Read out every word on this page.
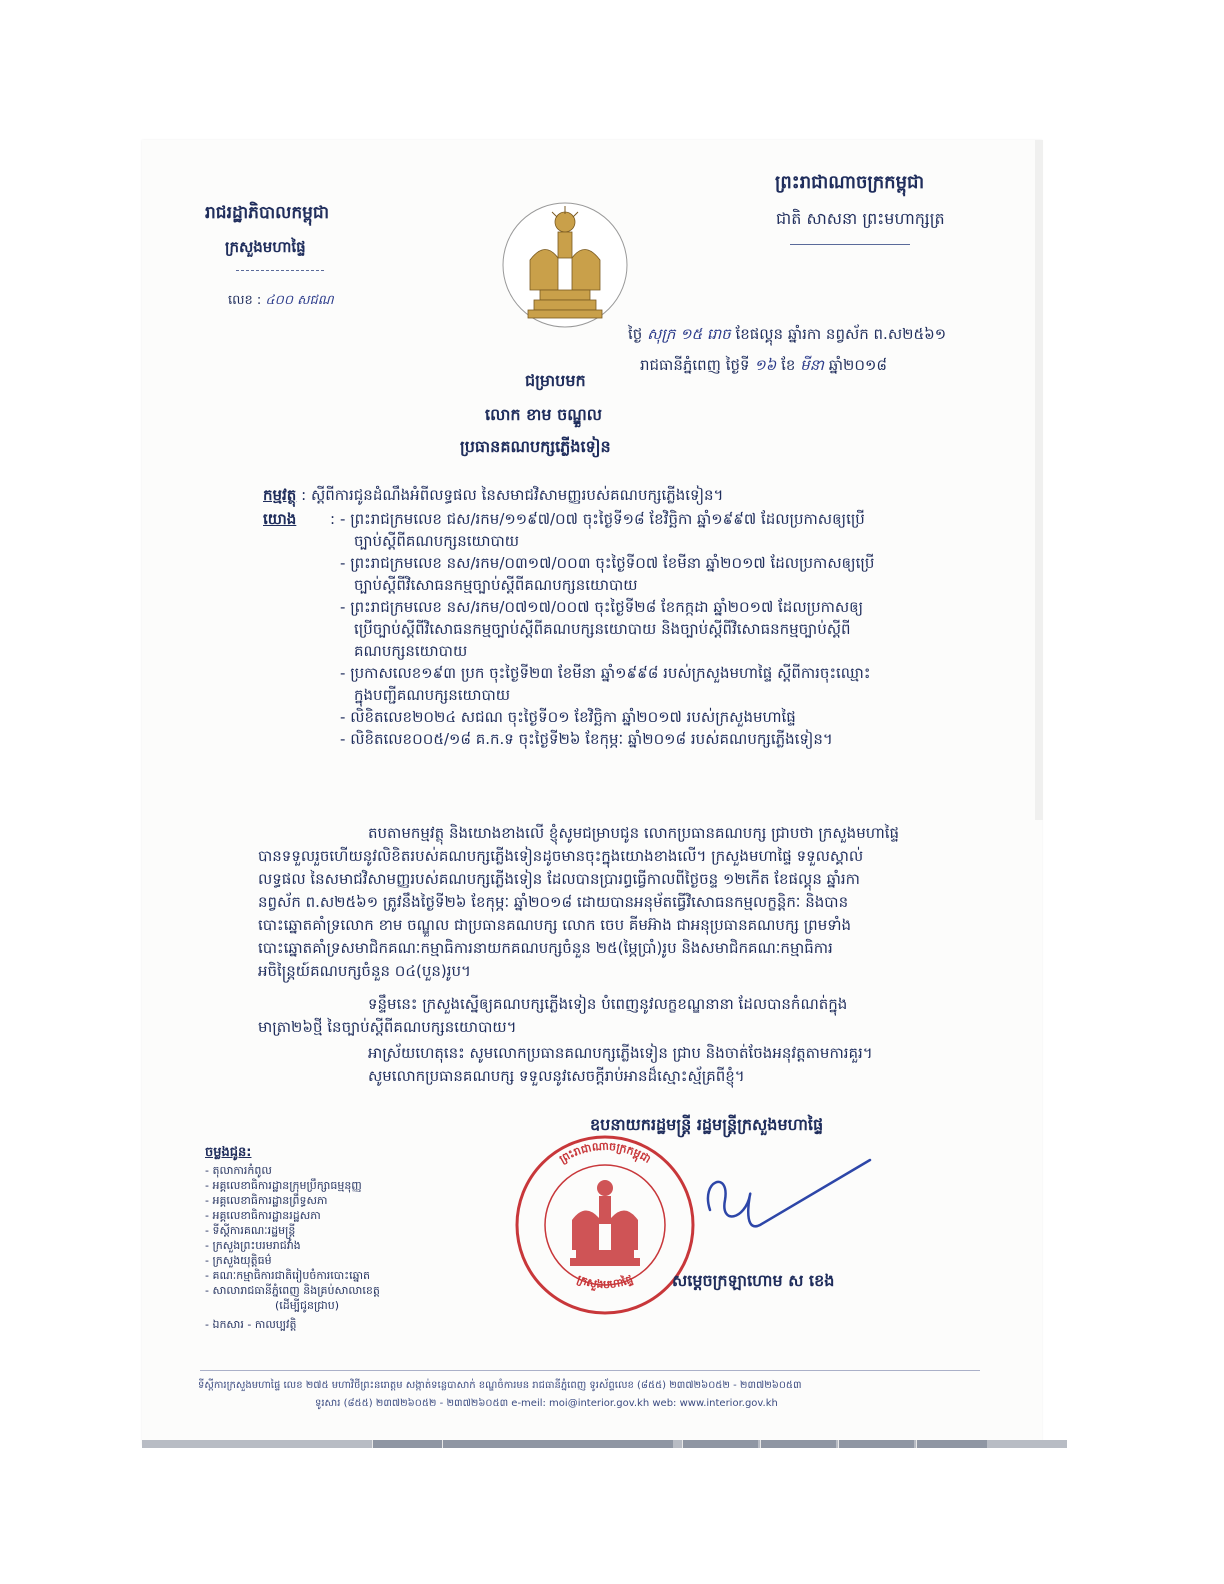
ព្រះរាជាណាចក្រកម្ពុជា
ជាតិ សាសនា ព្រះមហាក្សត្រ
រាជរដ្ឋាភិបាលកម្ពុជា
ក្រសួងមហាផ្ទៃ
លេខ : ៤០០ សជណ
ថ្ងៃ សុក្រ ១៥ រោច ខែផល្គុន ឆ្នាំរកា នព្វស័ក ព.ស២៥៦១
រាជធានីភ្នំពេញ ថ្ងៃទី ១៦ ខែ មីនា ឆ្នាំ២០១៨
ជម្រាបមក
លោក ខាម ចណ្ឌួល
ប្រធានគណបក្សភ្លើងទៀន
កម្មវត្ថុ : ស្តីពីការជូនដំណឹងអំពីលទ្ធផល នៃសមាជវិសាមញ្ញរបស់គណបក្សភ្លើងទៀន។
យោង : - ព្រះរាជក្រមលេខ ជស/រកម/១១៩៧/០៧ ចុះថ្ងៃទី១៨ ខែវិច្ឆិកា ឆ្នាំ១៩៩៧ ដែលប្រកាសឲ្យប្រើ
ច្បាប់ស្តីពីគណបក្សនយោបាយ
- ព្រះរាជក្រមលេខ នស/រកម/០៣១៧/០០៣ ចុះថ្ងៃទី០៧ ខែមីនា ឆ្នាំ២០១៧ ដែលប្រកាសឲ្យប្រើ
ច្បាប់ស្តីពីវិសោធនកម្មច្បាប់ស្តីពីគណបក្សនយោបាយ
- ព្រះរាជក្រមលេខ នស/រកម/០៧១៧/០០៧ ចុះថ្ងៃទី២៨ ខែកក្កដា ឆ្នាំ២០១៧ ដែលប្រកាសឲ្យ
ប្រើច្បាប់ស្តីពីវិសោធនកម្មច្បាប់ស្តីពីគណបក្សនយោបាយ និងច្បាប់ស្តីពីវិសោធនកម្មច្បាប់ស្តីពី
គណបក្សនយោបាយ
- ប្រកាសលេខ១៩៣ ប្រក ចុះថ្ងៃទី២៣ ខែមីនា ឆ្នាំ១៩៩៨ របស់ក្រសួងមហាផ្ទៃ ស្តីពីការចុះឈ្មោះ
ក្នុងបញ្ជីគណបក្សនយោបាយ
- លិខិតលេខ២០២៤ សជណ ចុះថ្ងៃទី០១ ខែវិច្ឆិកា ឆ្នាំ២០១៧ របស់ក្រសួងមហាផ្ទៃ
- លិខិតលេខ០០៥/១៨ គ.ក.ទ ចុះថ្ងៃទី២៦ ខែកុម្ភៈ ឆ្នាំ២០១៨ របស់គណបក្សភ្លើងទៀន។
តបតាមកម្មវត្ថុ និងយោងខាងលើ ខ្ញុំសូមជម្រាបជូន លោកប្រធានគណបក្ស ជ្រាបថា ក្រសួងមហាផ្ទៃ
បានទទួលរួចហើយនូវលិខិតរបស់គណបក្សភ្លើងទៀនដូចមានចុះក្នុងយោងខាងលើ។ ក្រសួងមហាផ្ទៃ ទទួលស្គាល់
លទ្ធផល នៃសមាជវិសាមញ្ញរបស់គណបក្សភ្លើងទៀន ដែលបានប្រារព្ធធ្វើកាលពីថ្ងៃចន្ទ ១២កើត ខែផល្គុន ឆ្នាំរកា
នព្វស័ក ព.ស២៥៦១ ត្រូវនឹងថ្ងៃទី២៦ ខែកុម្ភៈ ឆ្នាំ២០១៨ ដោយបានអនុម័តធ្វើវិសោធនកម្មលក្ខន្តិកៈ និងបាន
បោះឆ្នោតគាំទ្រលោក ខាម ចណ្ឌួល ជាប្រធានគណបក្ស លោក ចេប គីមអ៊ាង ជាអនុប្រធានគណបក្ស ព្រមទាំង
បោះឆ្នោតគាំទ្រសមាជិកគណៈកម្មាធិការនាយកគណបក្សចំនួន ២៥(ម្ភៃប្រាំ)រូប និងសមាជិកគណៈកម្មាធិការ
អចិន្ត្រៃយ៍គណបក្សចំនួន ០៤(បួន)រូប។
ទន្ទឹមនេះ ក្រសួងស្នើឲ្យគណបក្សភ្លើងទៀន បំពេញនូវលក្ខខណ្ឌនានា ដែលបានកំណត់ក្នុង
មាត្រា២៦ថ្មី នៃច្បាប់ស្តីពីគណបក្សនយោបាយ។
អាស្រ័យហេតុនេះ សូមលោកប្រធានគណបក្សភ្លើងទៀន ជ្រាប និងចាត់ចែងអនុវត្តតាមការគួរ។
សូមលោកប្រធានគណបក្ស ទទួលនូវសេចក្តីរាប់អានដ៏ស្មោះស្ម័គ្រពីខ្ញុំ។
ឧបនាយករដ្ឋមន្ត្រី រដ្ឋមន្ត្រីក្រសួងមហាផ្ទៃ
ព្រះរាជាណាចក្រកម្ពុជា
ក្រសួងមហាផ្ទៃ សម្តេចក្រឡាហោម ស ខេង
ចម្លងជូន:
- តុលាការកំពូល
- អគ្គលេខាធិការដ្ឋានក្រុមប្រឹក្សាធម្មនុញ្ញ
- អគ្គលេខាធិការដ្ឋានព្រឹទ្ធសភា
- អគ្គលេខាធិការដ្ឋានរដ្ឋសភា
- ទីស្តីការគណៈរដ្ឋមន្ត្រី
- ក្រសួងព្រះបរមរាជវាំង
- ក្រសួងយុត្តិធម៌
- គណៈកម្មាធិការជាតិរៀបចំការបោះឆ្នោត
- សាលារាជធានីភ្នំពេញ និងគ្រប់សាលាខេត្ត
(ដើម្បីជូនជ្រាប)
- ឯកសារ - កាលប្បវត្តិ
ទីស្តីការក្រសួងមហាផ្ទៃ លេខ ២៧៥ មហាវិថីព្រះនរោត្តម សង្កាត់ទន្លេបាសាក់ ខណ្ឌចំការមន រាជធានីភ្នំពេញ ទូរស័ព្ទលេខ (៨៥៥) ២៣៧២៦០៥២ - ២៣៧២៦០៥៣
ទូរសារ (៨៥៥) ២៣៧២៦០៥២ - ២៣៧២៦០៥៣ e-meil: moi@interior.gov.kh web: www.interior.gov.kh
